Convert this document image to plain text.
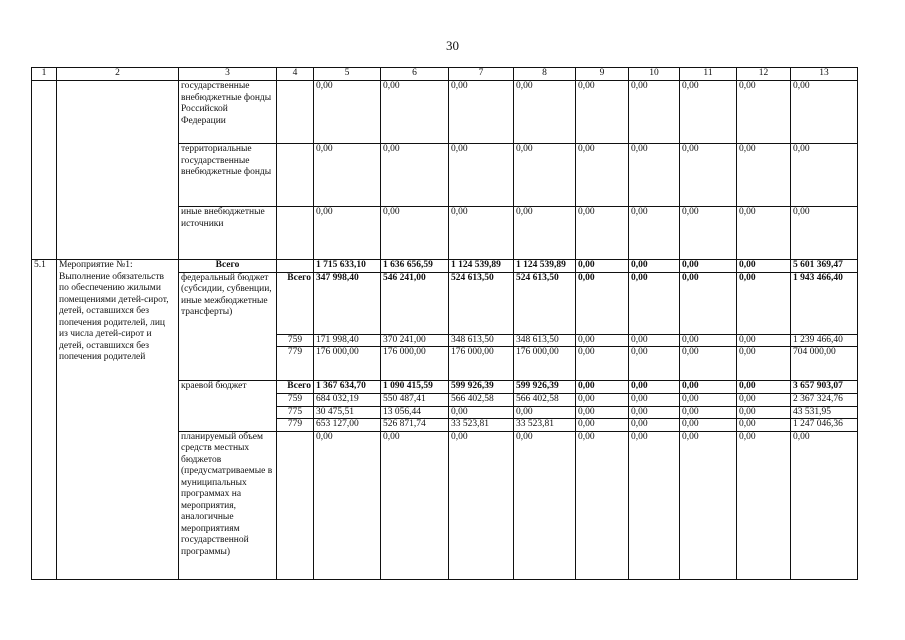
30
1	2	3	4	5	6	7	8	9	10	11	12	13
		государственные внебюджетные фонды Российской Федерации		0,00	0,00	0,00	0,00	0,00	0,00	0,00	0,00	0,00
		территориальные государственные внебюджетные фонды		0,00	0,00	0,00	0,00	0,00	0,00	0,00	0,00	0,00
		иные внебюджетные источники		0,00	0,00	0,00	0,00	0,00	0,00	0,00	0,00	0,00
5.1	Мероприятие №1: Выполнение обязательств по обеспечению жилыми помещениями детей-сирот, детей, оставшихся без попечения родителей, лиц из числа детей-сирот и детей, оставшихся без попечения родителей	Всего		1 715 633,10	1 636 656,59	1 124 539,89	1 124 539,89	0,00	0,00	0,00	0,00	5 601 369,47
		федеральный бюджет (субсидии, субвенции, иные межбюджетные трансферты)	Всего	347 998,40	546 241,00	524 613,50	524 613,50	0,00	0,00	0,00	0,00	1 943 466,40
			759	171 998,40	370 241,00	348 613,50	348 613,50	0,00	0,00	0,00	0,00	1 239 466,40
			779	176 000,00	176 000,00	176 000,00	176 000,00	0,00	0,00	0,00	0,00	704 000,00
		краевой бюджет	Всего	1 367 634,70	1 090 415,59	599 926,39	599 926,39	0,00	0,00	0,00	0,00	3 657 903,07
			759	684 032,19	550 487,41	566 402,58	566 402,58	0,00	0,00	0,00	0,00	2 367 324,76
			775	30 475,51	13 056,44	0,00	0,00	0,00	0,00	0,00	0,00	43 531,95
			779	653 127,00	526 871,74	33 523,81	33 523,81	0,00	0,00	0,00	0,00	1 247 046,36
		планируемый объем средств местных бюджетов (предусматриваемые в муниципальных программах на мероприятия, аналогичные мероприятиям государственной программы)		0,00	0,00	0,00	0,00	0,00	0,00	0,00	0,00	0,00
